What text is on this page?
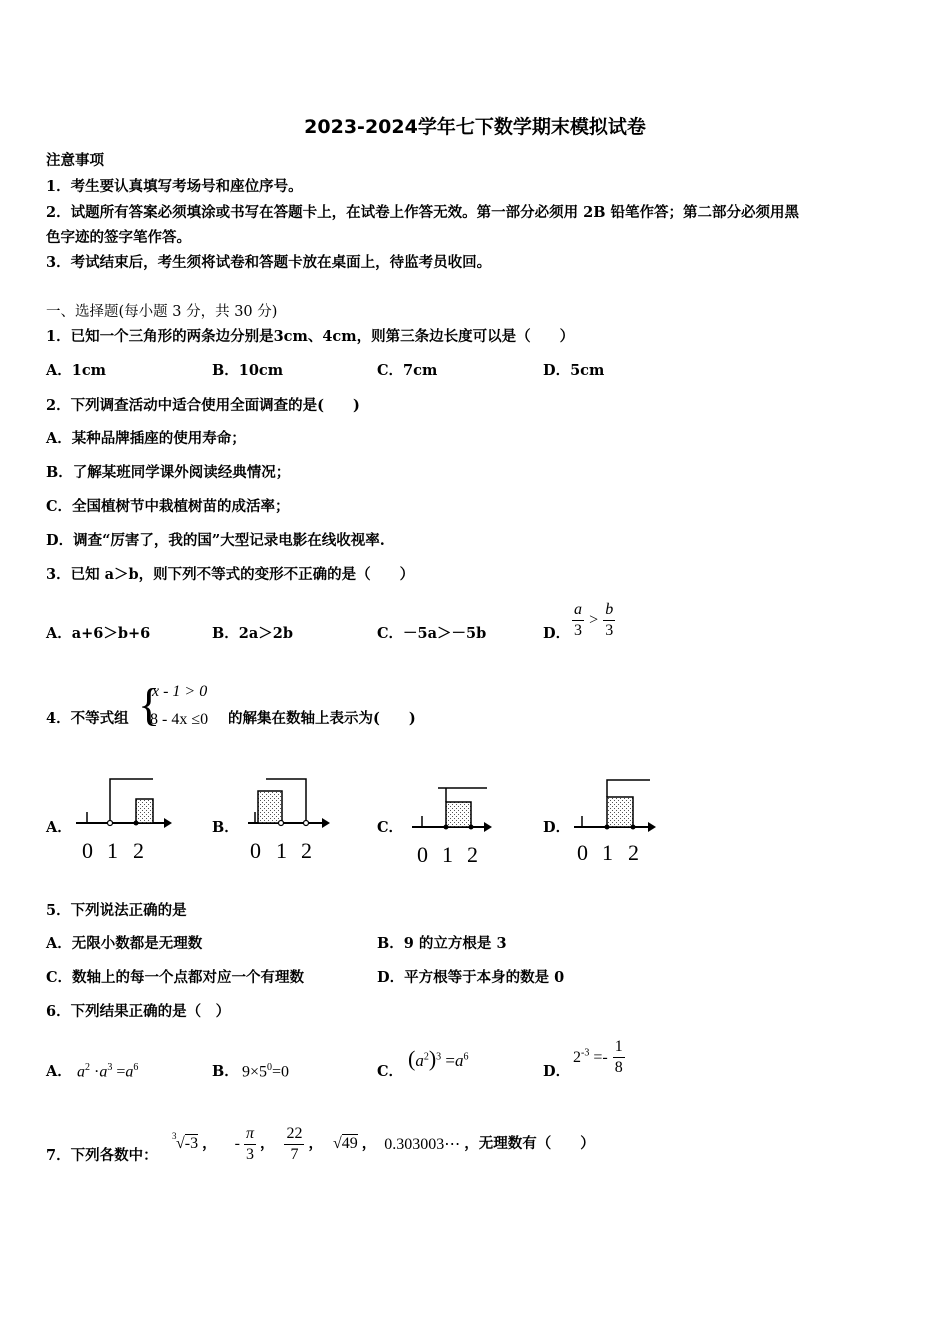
2023-2024学年七下数学期末模拟试卷
注意事项
1．考生要认真填写考场号和座位序号。
2．试题所有答案必须填涂或书写在答题卡上，在试卷上作答无效。第一部分必须用 2B 铅笔作答；第二部分必须用黑
色字迹的签字笔作答。
3．考试结束后，考生须将试卷和答题卡放在桌面上，待监考员收回。
一、选择题(每小题 3 分，共 30 分)
1．已知一个三角形的两条边分别是3cm、4cm，则第三条边长度可以是（　　）
A．1cm	B．10cm	C．7cm	D．5cm
2．下列调查活动中适合使用全面调查的是(　　)
A．某种品牌插座的使用寿命；
B．了解某班同学课外阅读经典情况；
C．全国植树节中栽植树苗的成活率；
D．调查“厉害了，我的国”大型记录电影在线收视率.
3．已知 a＞b，则下列不等式的变形不正确的是（　　）
A．a+6＞b+6	B．2a＞2b	C．－5a＞－5b	D． $\frac{a}{3} > \frac{b}{3}$
4．不等式组 {
x - 1 > 0
8 - 4x ≤0 的解集在数轴上表示为(　　)
A．
0 1 2
B．
0 1 2
C．
0 1 2
D．
0 1 2
5．下列说法正确的是
A．无限小数都是无理数	B．9 的立方根是 3
C．数轴上的每一个点都对应一个有理数	D．平方根等于本身的数是 0
6．下列结果正确的是（　）
A． $a^2 \cdot a^3 =a^6$	B． $9\times 5^0=0$	C．
$(a^2)^3 =a^6$
D．
$2^{-3} =- \frac{1}{8}$
7．下列各数中：
3 √-3 ， - $\frac{\pi}{3}$ ， $\frac{22}{7}$ ， √49 ， 0.303003⋯ ，无理数有（　　）
